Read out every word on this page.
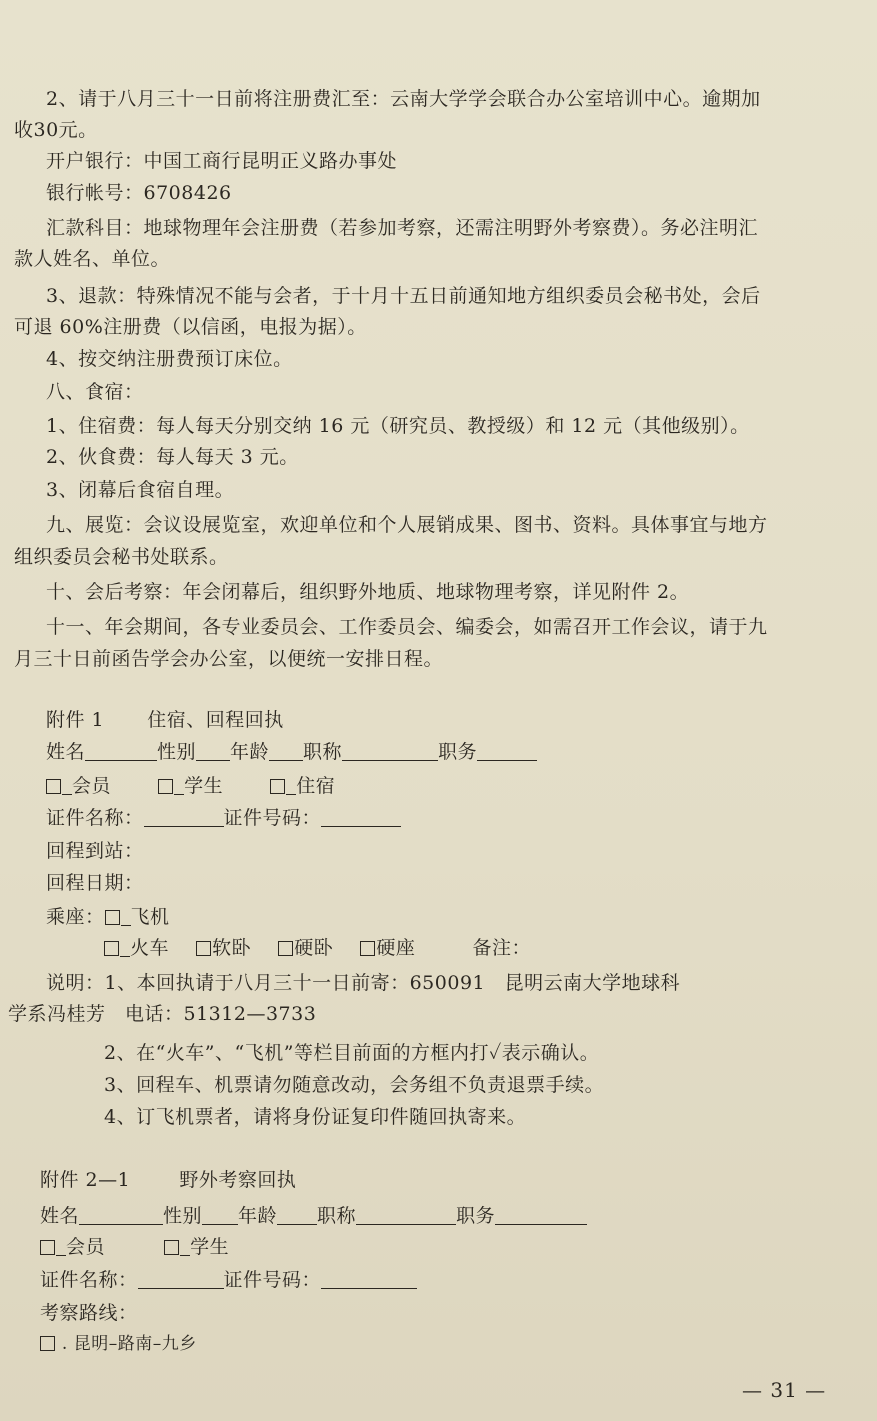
2、请于八月三十一日前将注册费汇至：云南大学学会联合办公室培训中心。逾期加
收30元。
开户银行：中国工商行昆明正义路办事处
银行帐号：6708426
汇款科目：地球物理年会注册费（若参加考察，还需注明野外考察费）。务必注明汇
款人姓名、单位。
3、退款：特殊情况不能与会者，于十月十五日前通知地方组织委员会秘书处，会后
可退 60%注册费（以信函，电报为据）。
4、按交纳注册费预订床位。
八、食宿：
1、住宿费：每人每天分别交纳 16 元（研究员、教授级）和 12 元（其他级别）。
2、伙食费：每人每天 3 元。
3、闭幕后食宿自理。
九、展览：会议设展览室，欢迎单位和个人展销成果、图书、资料。具体事宜与地方
组织委员会秘书处联系。
十、会后考察：年会闭幕后，组织野外地质、地球物理考察，详见附件 2。
十一、年会期间，各专业委员会、工作委员会、编委会，如需召开工作会议，请于九
月三十日前函告学会办公室，以便统一安排日程。
附件 1 住宿、回程回执
姓名	性别 年龄 职称	职务
会员	学生	住宿
证件名称：	证件号码：
回程到站：
回程日期：
乘座： 飞机
火车 软卧 硬卧 硬座	备注：
说明：1、本回执请于八月三十一日前寄：650091　昆明云南大学地球科
学系冯桂芳　电话：51312—3733
2、在“火车”、“飞机”等栏目前面的方框内打✓表示确认。
3、回程车、机票请勿随意改动，会务组不负责退票手续。
4、订飞机票者，请将身份证复印件随回执寄来。
附件 2—1	野外考察回执
姓名	性别 年龄 职称	职务
会员	学生
证件名称：	证件号码：
考察路线：
. 昆明–路南–九乡
— 31 —
